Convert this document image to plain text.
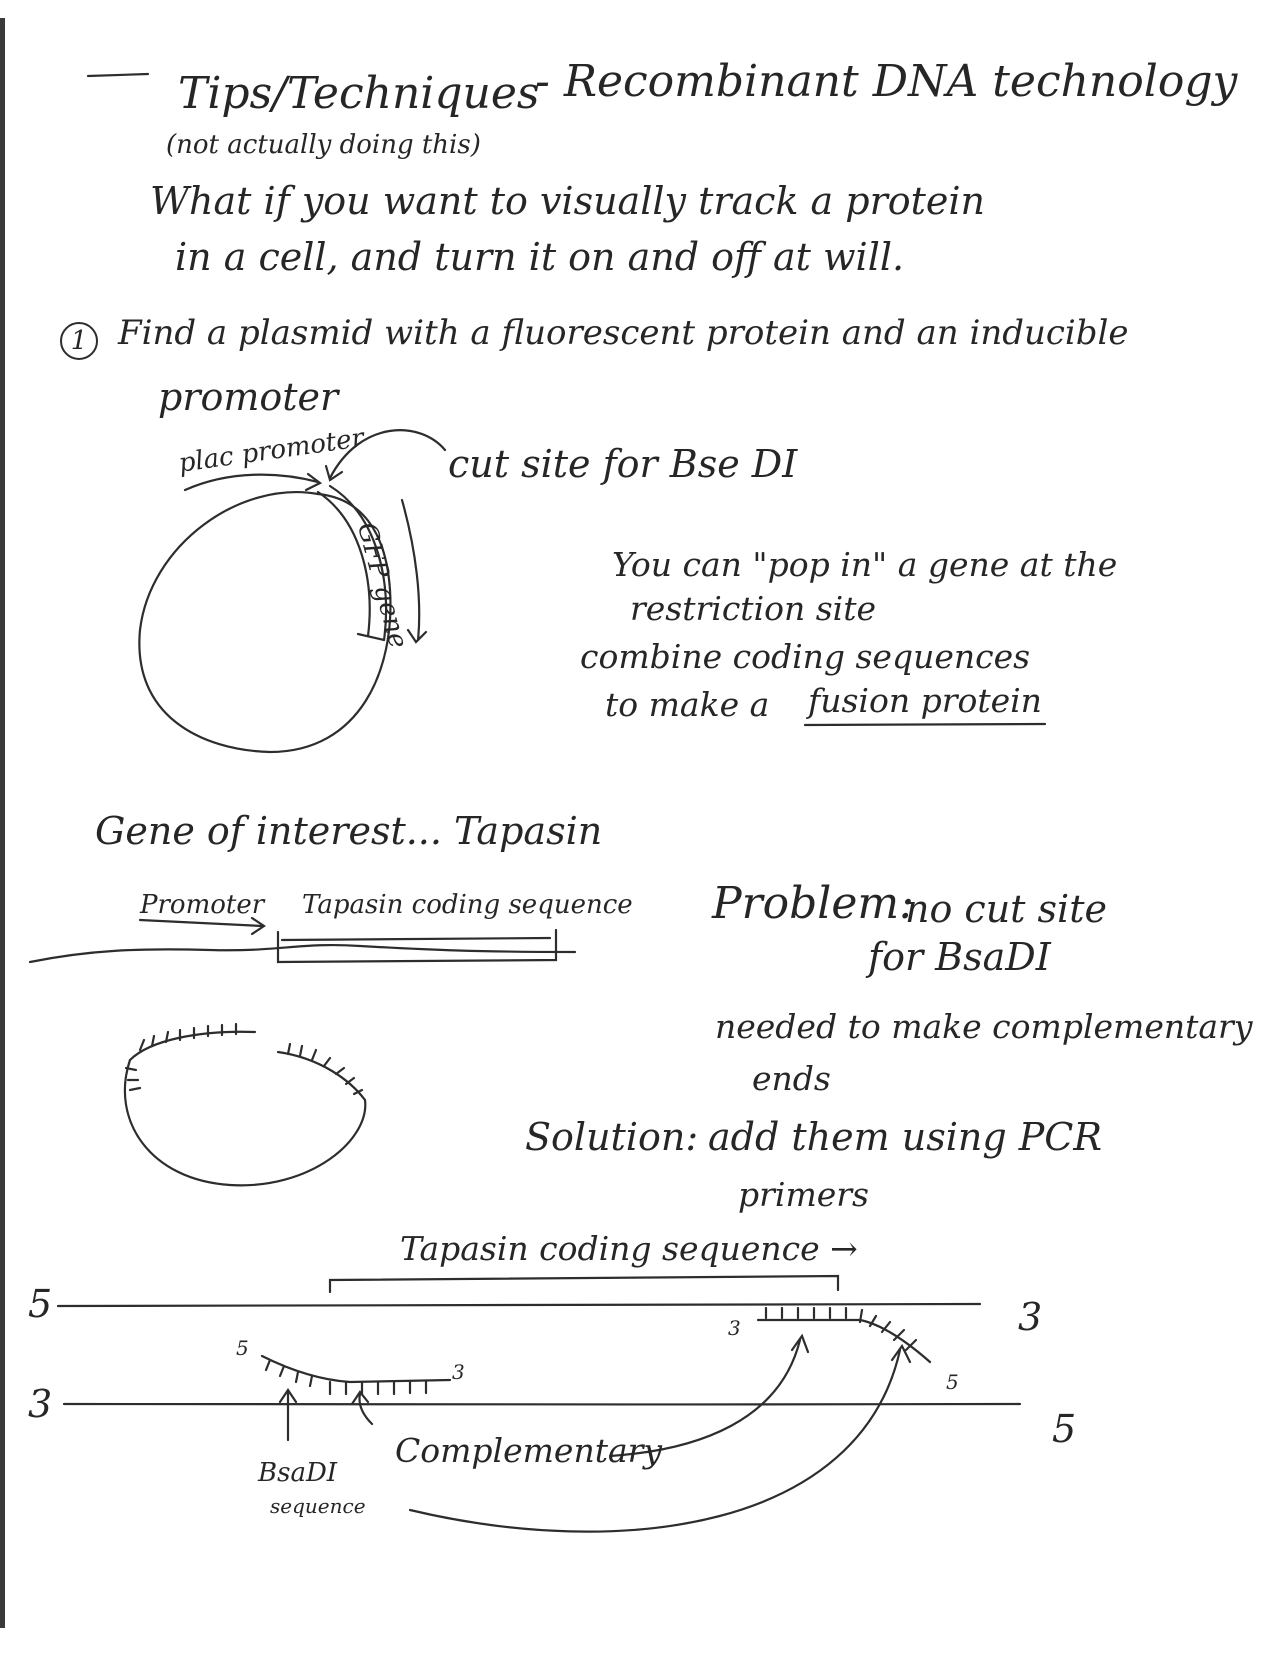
Tips/Techniques
(not actually doing this)
- Recombinant DNA technology
What if you want to visually track a protein
in a cell, and turn it on and off at will.
1 Find a plasmid with a fluorescent protein and an inducible
promoter
plac promoter cut site for Bse DI
GFP gene	You can "pop in" a gene at the
restriction site
combine coding sequences
to make a fusion protein
Gene of interest... Tapasin
Promoter Tapasin coding sequence Problem:
no cut site
for BsaDI
needed to make complementary
ends
Solution: add them using PCR
primers
Tapasin coding sequence →
5	3
3
5
5
3
3
5
Complementary
BsaDI
sequence
